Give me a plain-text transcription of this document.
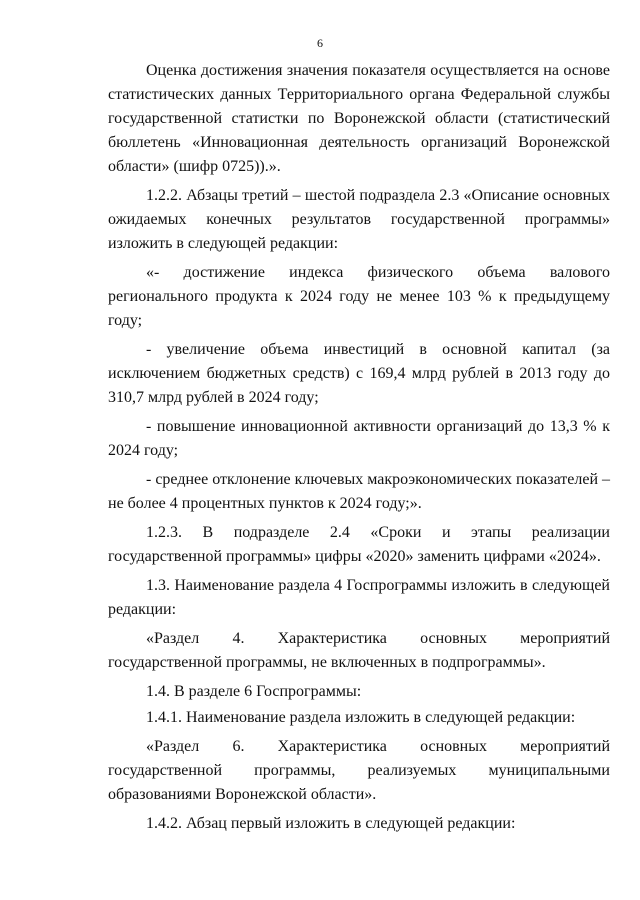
6

Оценка достижения значения показателя осуществляется на основе статистических данных Территориального органа Федеральной службы государственной статистки по Воронежской области (статистический бюллетень «Инновационная деятельность организаций Воронежской области» (шифр 0725)).».

1.2.2. Абзацы третий – шестой подраздела 2.3 «Описание основных ожидаемых конечных результатов государственной программы» изложить в следующей редакции:

«- достижение индекса физического объема валового регионального продукта к 2024 году не менее 103 % к предыдущему году;

- увеличение объема инвестиций в основной капитал (за исключением бюджетных средств) с 169,4 млрд рублей в 2013 году до 310,7 млрд рублей в 2024 году;

- повышение инновационной активности организаций до 13,3 % к 2024 году;

- среднее отклонение ключевых макроэкономических показателей – не более 4 процентных пунктов к 2024 году;».

1.2.3. В подразделе 2.4 «Сроки и этапы реализации государственной программы» цифры «2020» заменить цифрами «2024».

1.3. Наименование раздела 4 Госпрограммы изложить в следующей редакции:

«Раздел 4. Характеристика основных мероприятий государственной программы, не включенных в подпрограммы».

1.4. В разделе 6 Госпрограммы:

1.4.1. Наименование раздела изложить в следующей редакции:

«Раздел 6. Характеристика основных мероприятий государственной программы, реализуемых муниципальными образованиями Воронежской области».

1.4.2. Абзац первый изложить в следующей редакции:
